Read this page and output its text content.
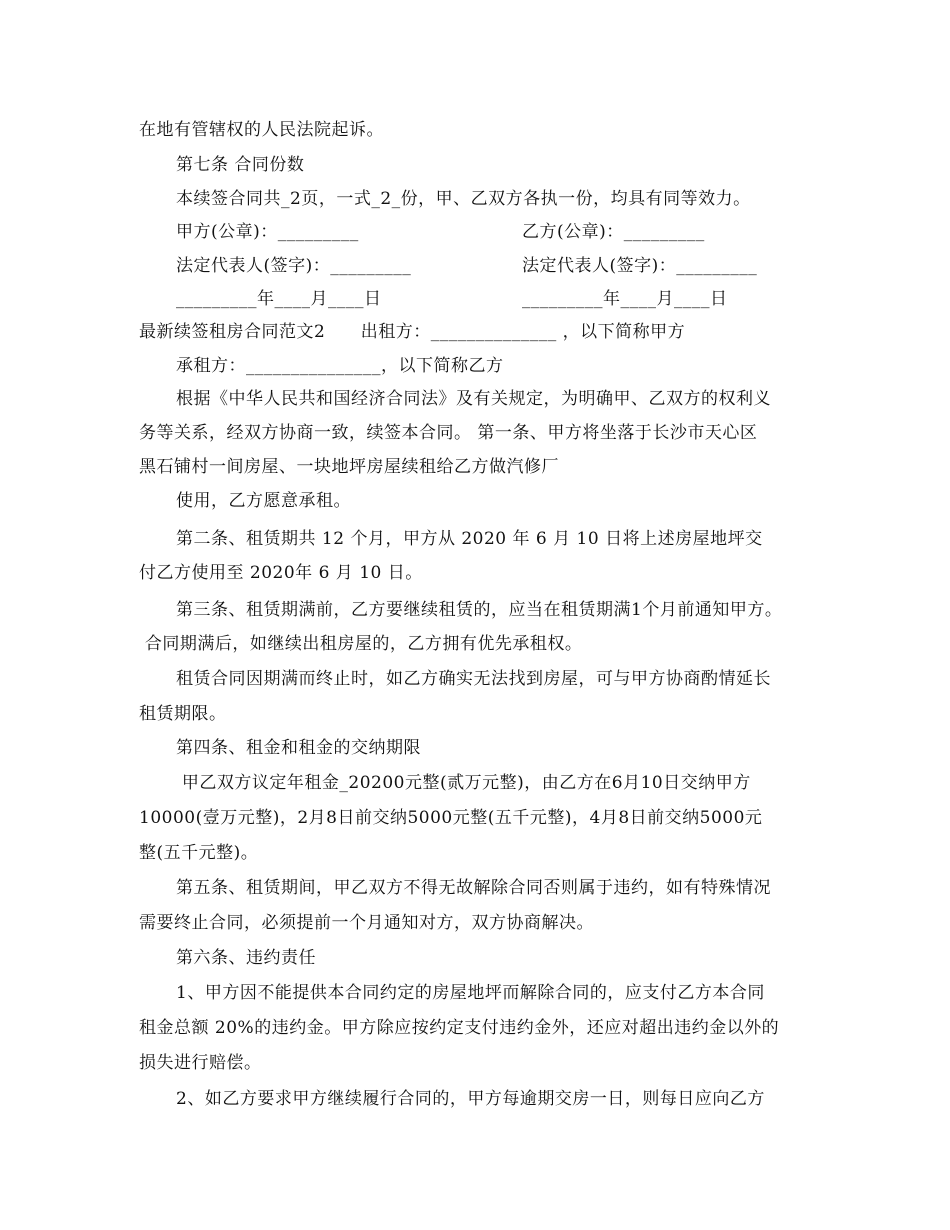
在地有管辖权的人民法院起诉。
第七条 合同份数
本续签合同共_2页，一式_2_份，甲、乙双方各执一份，均具有同等效力。
甲方(公章)：_________	乙方(公章)：_________
法定代表人(签字)：_________	法定代表人(签字)：_________
_________年____月____日	_________年____月____日
最新续签租房合同范文2      出租方：______________ ，以下简称甲方
承租方：_______________，以下简称乙方
根据《中华人民共和国经济合同法》及有关规定，为明确甲、乙双方的权利义
务等关系，经双方协商一致，续签本合同。 第一条、甲方将坐落于长沙市天心区
黑石铺村一间房屋、一块地坪房屋续租给乙方做汽修厂
使用，乙方愿意承租。
第二条、租赁期共 12 个月，甲方从 2020 年 6 月 10 日将上述房屋地坪交
付乙方使用至 2020年 6 月 10 日。
第三条、租赁期满前，乙方要继续租赁的，应当在租赁期满1个月前通知甲方。
合同期满后，如继续出租房屋的，乙方拥有优先承租权。
租赁合同因期满而终止时，如乙方确实无法找到房屋，可与甲方协商酌情延长
租赁期限。
第四条、租金和租金的交纳期限
甲乙双方议定年租金_20200元整(贰万元整)，由乙方在6月10日交纳甲方
10000(壹万元整)，2月8日前交纳5000元整(五千元整)，4月8日前交纳5000元
整(五千元整)。
第五条、租赁期间，甲乙双方不得无故解除合同否则属于违约，如有特殊情况
需要终止合同，必须提前一个月通知对方，双方协商解决。
第六条、违约责任
1、甲方因不能提供本合同约定的房屋地坪而解除合同的，应支付乙方本合同
租金总额 20%的违约金。甲方除应按约定支付违约金外，还应对超出违约金以外的
损失进行赔偿。
2、如乙方要求甲方继续履行合同的，甲方每逾期交房一日，则每日应向乙方
